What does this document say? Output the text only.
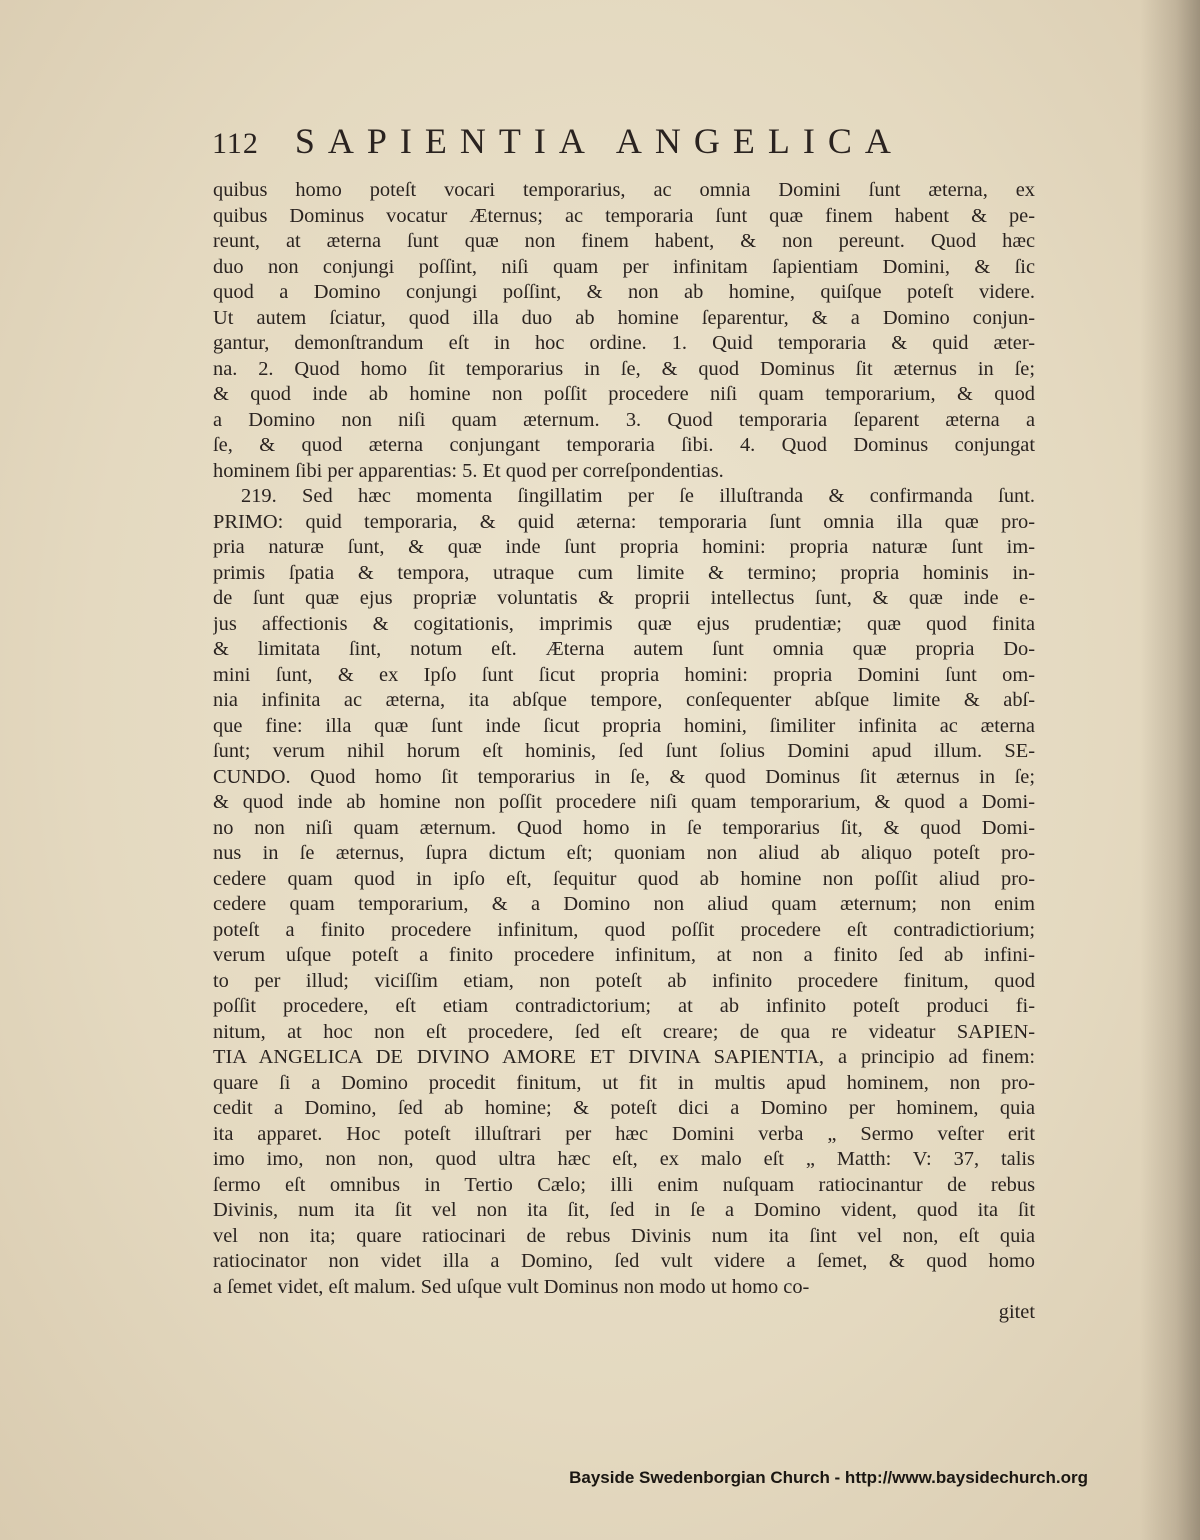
112 SAPIENTIA ANGELICA
quibus homo poteſt vocari temporarius, ac omnia Domini ſunt æterna, ex
quibus Dominus vocatur Æternus; ac temporaria ſunt quæ finem habent & pe-
reunt, at æterna ſunt quæ non finem habent, & non pereunt. Quod hæc
duo non conjungi poſſint, niſi quam per infinitam ſapientiam Domini, & ſic
quod a Domino conjungi poſſint, & non ab homine, quiſque poteſt videre.
Ut autem ſciatur, quod illa duo ab homine ſeparentur, & a Domino conjun-
gantur, demonſtrandum eſt in hoc ordine. 1. Quid temporaria & quid æter-
na. 2. Quod homo ſit temporarius in ſe, & quod Dominus ſit æternus in ſe;
& quod inde ab homine non poſſit procedere niſi quam temporarium, & quod
a Domino non niſi quam æternum. 3. Quod temporaria ſeparent æterna a
ſe, & quod æterna conjungant temporaria ſibi. 4. Quod Dominus conjungat
hominem ſibi per apparentias: 5. Et quod per correſpondentias.
219. Sed hæc momenta ſingillatim per ſe illuſtranda & confirmanda ſunt.
PRIMO: quid temporaria, & quid æterna: temporaria ſunt omnia illa quæ pro-
pria naturæ ſunt, & quæ inde ſunt propria homini: propria naturæ ſunt im-
primis ſpatia & tempora, utraque cum limite & termino; propria hominis in-
de ſunt quæ ejus propriæ voluntatis & proprii intellectus ſunt, & quæ inde e-
jus affectionis & cogitationis, imprimis quæ ejus prudentiæ; quæ quod finita
& limitata ſint, notum eſt. Æterna autem ſunt omnia quæ propria Do-
mini ſunt, & ex Ipſo ſunt ſicut propria homini: propria Domini ſunt om-
nia infinita ac æterna, ita abſque tempore, conſequenter abſque limite & abſ-
que fine: illa quæ ſunt inde ſicut propria homini, ſimiliter infinita ac æterna
ſunt; verum nihil horum eſt hominis, ſed ſunt ſolius Domini apud illum. SE-
CUNDO. Quod homo ſit temporarius in ſe, & quod Dominus ſit æternus in ſe;
& quod inde ab homine non poſſit procedere niſi quam temporarium, & quod a Domi-
no non niſi quam æternum. Quod homo in ſe temporarius ſit, & quod Domi-
nus in ſe æternus, ſupra dictum eſt; quoniam non aliud ab aliquo poteſt pro-
cedere quam quod in ipſo eſt, ſequitur quod ab homine non poſſit aliud pro-
cedere quam temporarium, & a Domino non aliud quam æternum; non enim
poteſt a finito procedere infinitum, quod poſſit procedere eſt contradictiorium;
verum uſque poteſt a finito procedere infinitum, at non a finito ſed ab infini-
to per illud; viciſſim etiam, non poteſt ab infinito procedere finitum, quod
poſſit procedere, eſt etiam contradictorium; at ab infinito poteſt produci fi-
nitum, at hoc non eſt procedere, ſed eſt creare; de qua re videatur SAPIEN-
TIA ANGELICA DE DIVINO AMORE ET DIVINA SAPIENTIA, a principio ad finem:
quare ſi a Domino procedit finitum, ut fit in multis apud hominem, non pro-
cedit a Domino, ſed ab homine; & poteſt dici a Domino per hominem, quia
ita apparet. Hoc poteſt illuſtrari per hæc Domini verba „ Sermo veſter erit
imo imo, non non, quod ultra hæc eſt, ex malo eſt „ Matth: V: 37, talis
ſermo eſt omnibus in Tertio Cælo; illi enim nuſquam ratiocinantur de rebus
Divinis, num ita ſit vel non ita ſit, ſed in ſe a Domino vident, quod ita ſit
vel non ita; quare ratiocinari de rebus Divinis num ita ſint vel non, eſt quia
ratiocinator non videt illa a Domino, ſed vult videre a ſemet, & quod homo
a ſemet videt, eſt malum. Sed uſque vult Dominus non modo ut homo co-
gitet
Bayside Swedenborgian Church - http://www.baysidechurch.org
